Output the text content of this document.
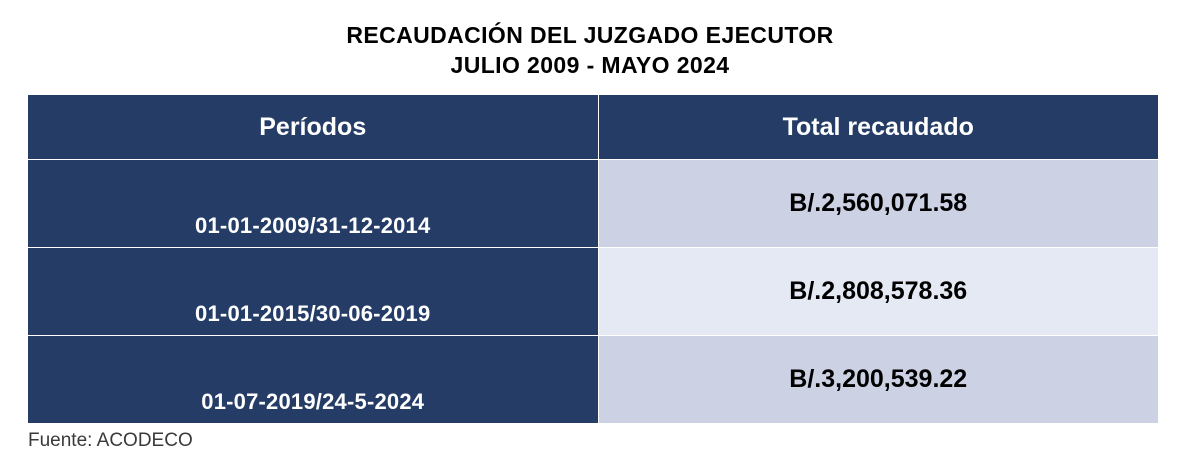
RECAUDACIÓN DEL JUZGADO EJECUTOR
JULIO 2009 - MAYO 2024
Períodos	Total recaudado
01-01-2009/31-12-2014	B/.2,560,071.58
01-01-2015/30-06-2019	B/.2,808,578.36
01-07-2019/24-5-2024	B/.3,200,539.22
Fuente: ACODECO
